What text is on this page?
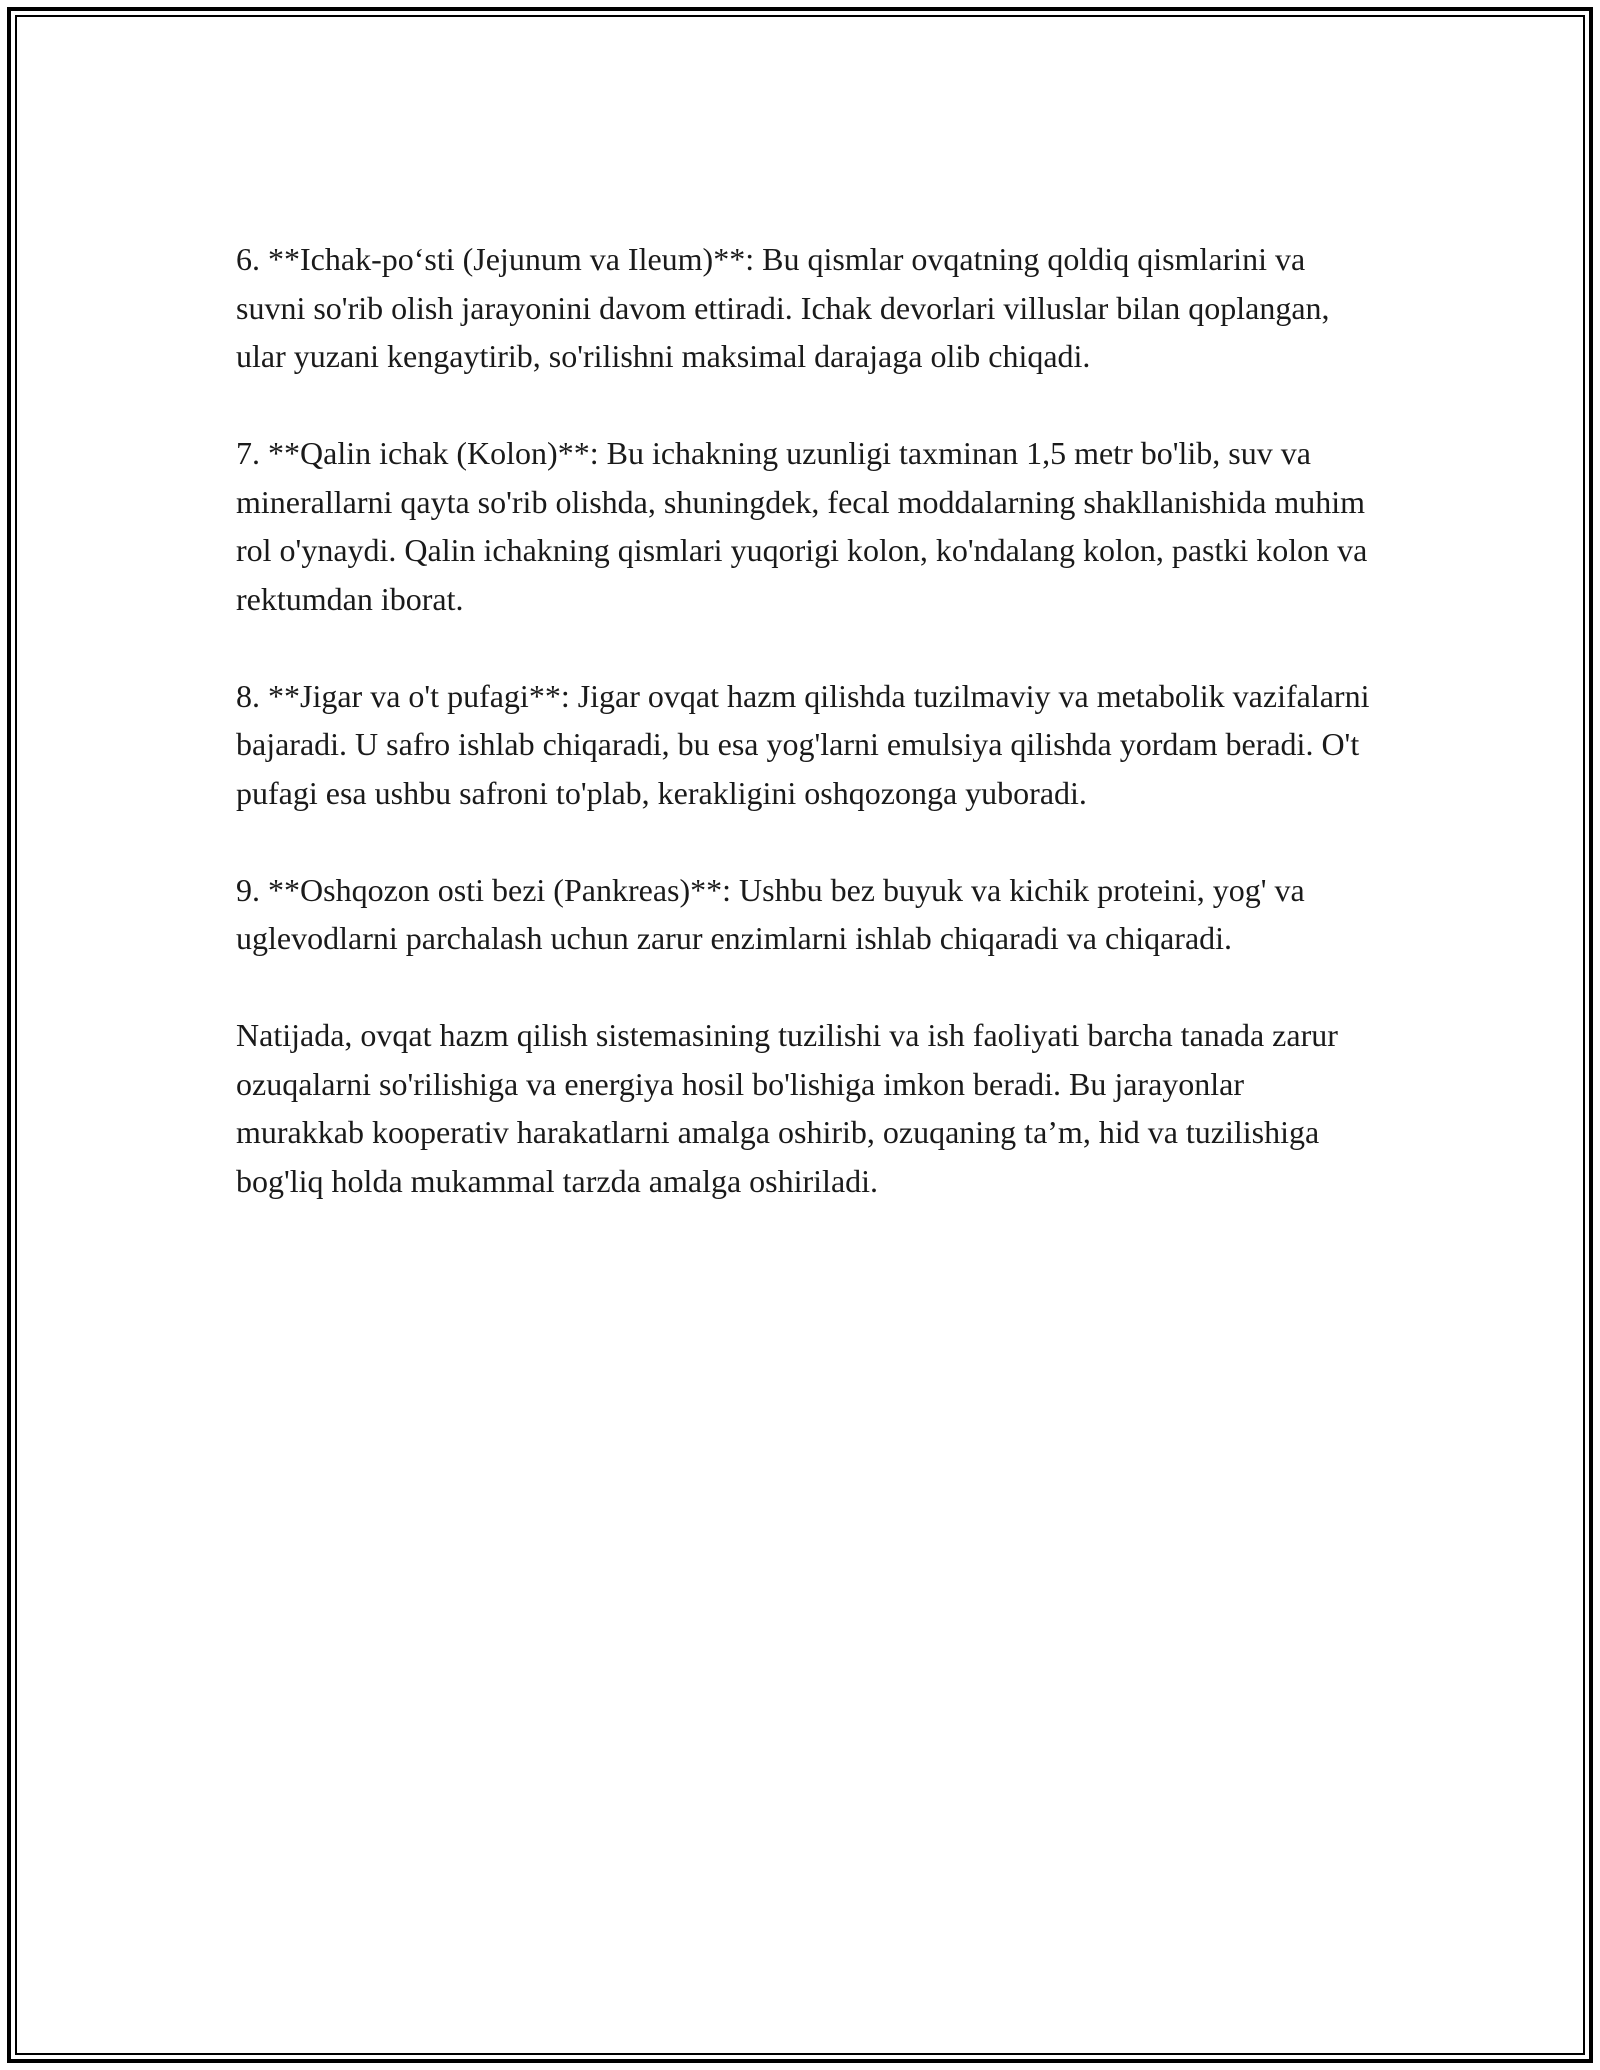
6. **Ichak-po‘sti (Jejunum va Ileum)**: Bu qismlar ovqatning qoldiq qismlarini va suvni so'rib olish jarayonini davom ettiradi. Ichak devorlari villuslar bilan qoplangan, ular yuzani kengaytirib, so'rilishni maksimal darajaga olib chiqadi.

7. **Qalin ichak (Kolon)**: Bu ichakning uzunligi taxminan 1,5 metr bo'lib, suv va minerallarni qayta so'rib olishda, shuningdek, fecal moddalarning shakllanishida muhim rol o'ynaydi. Qalin ichakning qismlari yuqorigi kolon, ko'ndalang kolon, pastki kolon va rektumdan iborat.

8. **Jigar va o't pufagi**: Jigar ovqat hazm qilishda tuzilmaviy va metabolik vazifalarni bajaradi. U safro ishlab chiqaradi, bu esa yog'larni emulsiya qilishda yordam beradi. O't pufagi esa ushbu safroni to'plab, kerakligini oshqozonga yuboradi.

9. **Oshqozon osti bezi (Pankreas)**: Ushbu bez buyuk va kichik proteini, yog' va uglevodlarni parchalash uchun zarur enzimlarni ishlab chiqaradi va chiqaradi.

Natijada, ovqat hazm qilish sistemasining tuzilishi va ish faoliyati barcha tanada zarur ozuqalarni so'rilishiga va energiya hosil bo'lishiga imkon beradi. Bu jarayonlar murakkab kooperativ harakatlarni amalga oshirib, ozuqaning ta’m, hid va tuzilishiga bog'liq holda mukammal tarzda amalga oshiriladi.
